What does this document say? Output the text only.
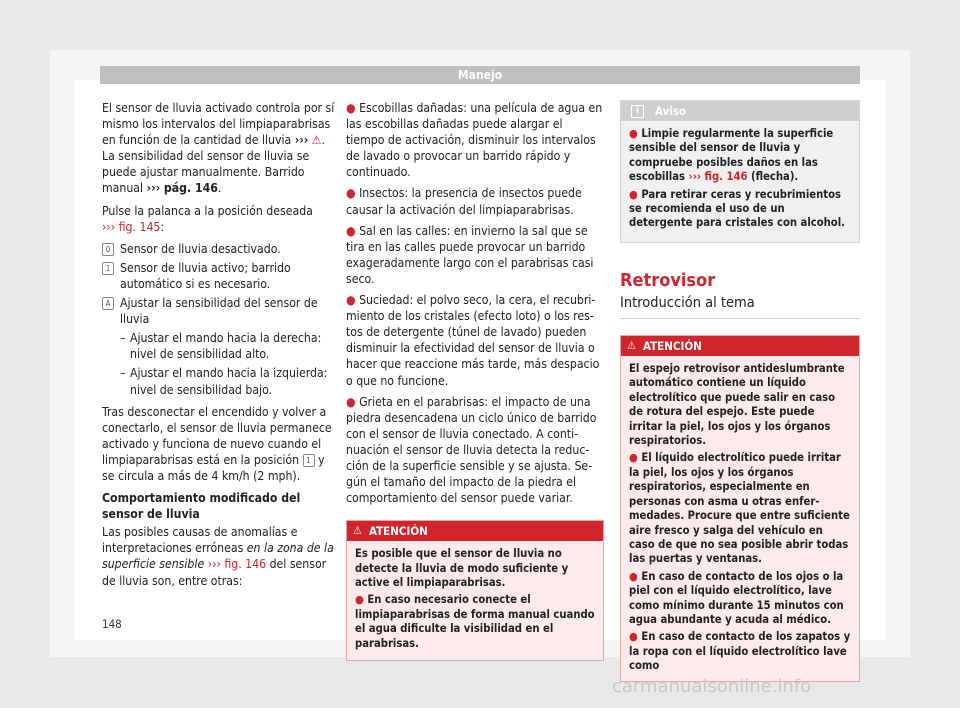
Manejo

El sensor de lluvia activado controla por sí mismo los intervalos del limpiaparabrisas en función de la cantidad de lluvia ››› ⚠. La sensibilidad del sensor de lluvia se puede ajustar manualmente. Barrido manual ››› pág. 146.

Pulse la palanca a la posición deseada
››› fig. 145:

0 Sensor de lluvia desactivado.
1 Sensor de lluvia activo; barrido automático si es necesario.
A Ajustar la sensibilidad del sensor de lluvia
– Ajustar el mando hacia la derecha: nivel de sensibilidad alto.
– Ajustar el mando hacia la izquierda: nivel de sensibilidad bajo.

Tras desconectar el encendido y volver a conectarlo, el sensor de lluvia permanece activado y funciona de nuevo cuando el limpiaparabrisas está en la posición 1 y se circula a más de 4 km/h (2 mph).

Comportamiento modificado del sensor de lluvia

Las posibles causas de anomalías e interpretaciones erróneas en la zona de la superficie sensible ››› fig. 146 del sensor de lluvia son, entre otras:

● Escobillas dañadas: una película de agua en las escobillas dañadas puede alargar el tiempo de activación, disminuir los intervalos de lavado o provocar un barrido rápido y continuado.
● Insectos: la presencia de insectos puede causar la activación del limpiaparabrisas.
● Sal en las calles: en invierno la sal que se tira en las calles puede provocar un barrido exageradamente largo con el parabrisas casi seco.
● Suciedad: el polvo seco, la cera, el recubrimiento de los cristales (efecto loto) o los restos de detergente (túnel de lavado) pueden disminuir la efectividad del sensor de lluvia o hacer que reaccione más tarde, más despacio o que no funcione.
● Grieta en el parabrisas: el impacto de una piedra desencadena un ciclo único de barrido con el sensor de lluvia conectado. A continuación el sensor de lluvia detecta la reducción de la superficie sensible y se ajusta. Según el tamaño del impacto de la piedra el comportamiento del sensor puede variar.
⚠ ATENCIÓN
Es posible que el sensor de lluvia no detecte la lluvia de modo suficiente y active el limpiaparabrisas.
● En caso necesario conecte el limpiaparabrisas de forma manual cuando el agua dificulte la visibilidad en el parabrisas.
i	Aviso
● Limpie regularmente la superficie sensible del sensor de lluvia y compruebe posibles daños en las escobillas ››› fig. 146 (flecha).
● Para retirar ceras y recubrimientos se recomienda el uso de un detergente para cristales con alcohol.

Retrovisor

Introducción al tema

⚠ ATENCIÓN
El espejo retrovisor antideslumbrante automático contiene un líquido electrolítico que puede salir en caso de rotura del espejo. Este puede irritar la piel, los ojos y los órganos respiratorios.
● El líquido electrolítico puede irritar la piel, los ojos y los órganos respiratorios, especialmente en personas con asma u otras enfermedades. Procure que entre suficiente aire fresco y salga del vehículo en caso de que no sea posible abrir todas las puertas y ventanas.
● En caso de contacto de los ojos o la piel con el líquido electrolítico, lave como mínimo durante 15 minutos con agua abundante y acuda al médico.
● En caso de contacto de los zapatos y la ropa con el líquido electrolítico lave como
148
carmanualsonline.info
